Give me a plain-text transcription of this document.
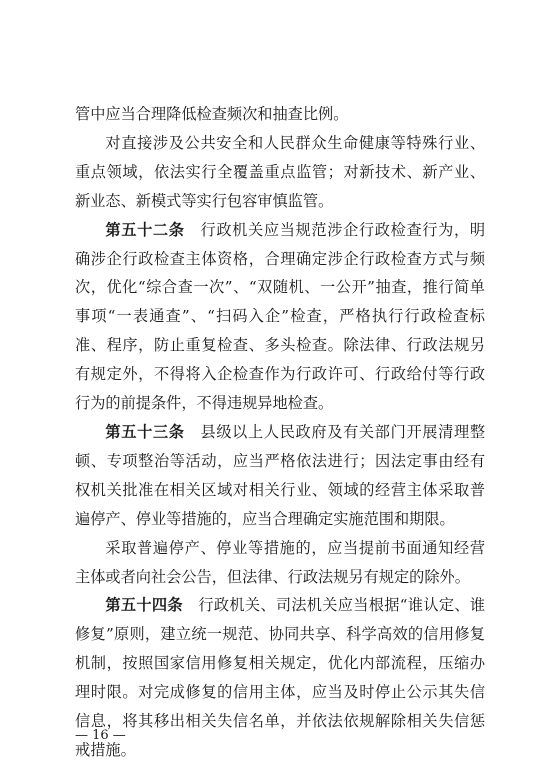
管中应当合理降低检查频次和抽查比例。

对直接涉及公共安全和人民群众生命健康等特殊行业、重点领域，依法实行全覆盖重点监管；对新技术、新产业、新业态、新模式等实行包容审慎监管。

第五十二条　行政机关应当规范涉企行政检查行为，明确涉企行政检查主体资格，合理确定涉企行政检查方式与频次，优化“综合查一次”、“双随机、一公开”抽查，推行简单事项“一表通查”、“扫码入企”检查，严格执行行政检查标准、程序，防止重复检查、多头检查。除法律、行政法规另有规定外，不得将入企检查作为行政许可、行政给付等行政行为的前提条件，不得违规异地检查。

第五十三条　县级以上人民政府及有关部门开展清理整顿、专项整治等活动，应当严格依法进行；因法定事由经有权机关批准在相关区域对相关行业、领域的经营主体采取普遍停产、停业等措施的，应当合理确定实施范围和期限。

采取普遍停产、停业等措施的，应当提前书面通知经营主体或者向社会公告，但法律、行政法规另有规定的除外。

第五十四条　行政机关、司法机关应当根据“谁认定、谁修复”原则，建立统一规范、协同共享、科学高效的信用修复机制，按照国家信用修复相关规定，优化内部流程，压缩办理时限。对完成修复的信用主体，应当及时停止公示其失信信息，将其移出相关失信名单，并依法依规解除相关失信惩戒措施。

— 16 —
